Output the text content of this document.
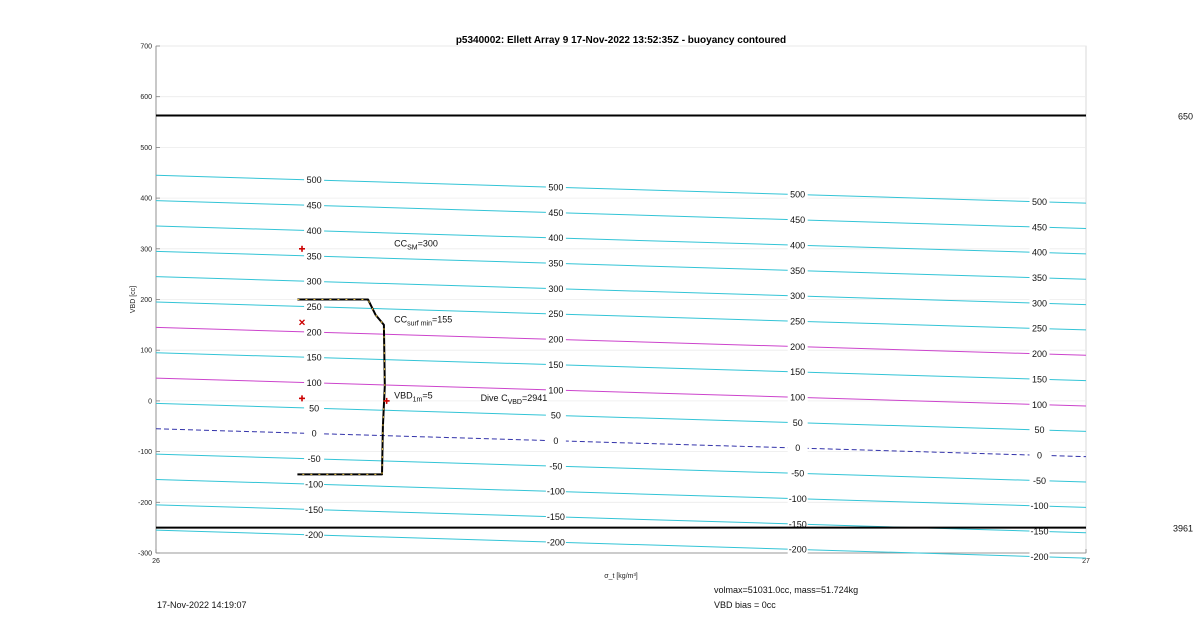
p5340002: Ellett Array 9 17-Nov-2022 13:52:35Z - buoyancy contoured
-300
-200
-100
0
100
200
300
400
500
600
700
26	27
VBD [cc]
σ_t [kg/m³]
500
500
500
500
450
450
450
450
400
400
400
400
350
350
350
350
300
300
300
300
250
250
250
250
200
200
200
200
150
150
150
150
100
100
100
100
50
50
50
50
0
0
0
0
-50
-50
-50
-50
-100
-100
-100
-100
-150
-150
-150
-150
-200
-200
-200
-200
650
3961
$CC_{SM}=300$
$CC_{surf min}=155$
$VBD_{1m}=5$	Dive $C_{VBD}=2941$
17-Nov-2022 14:19:07
volmax=51031.0cc, mass=51.724kg
VBD bias = 0cc
